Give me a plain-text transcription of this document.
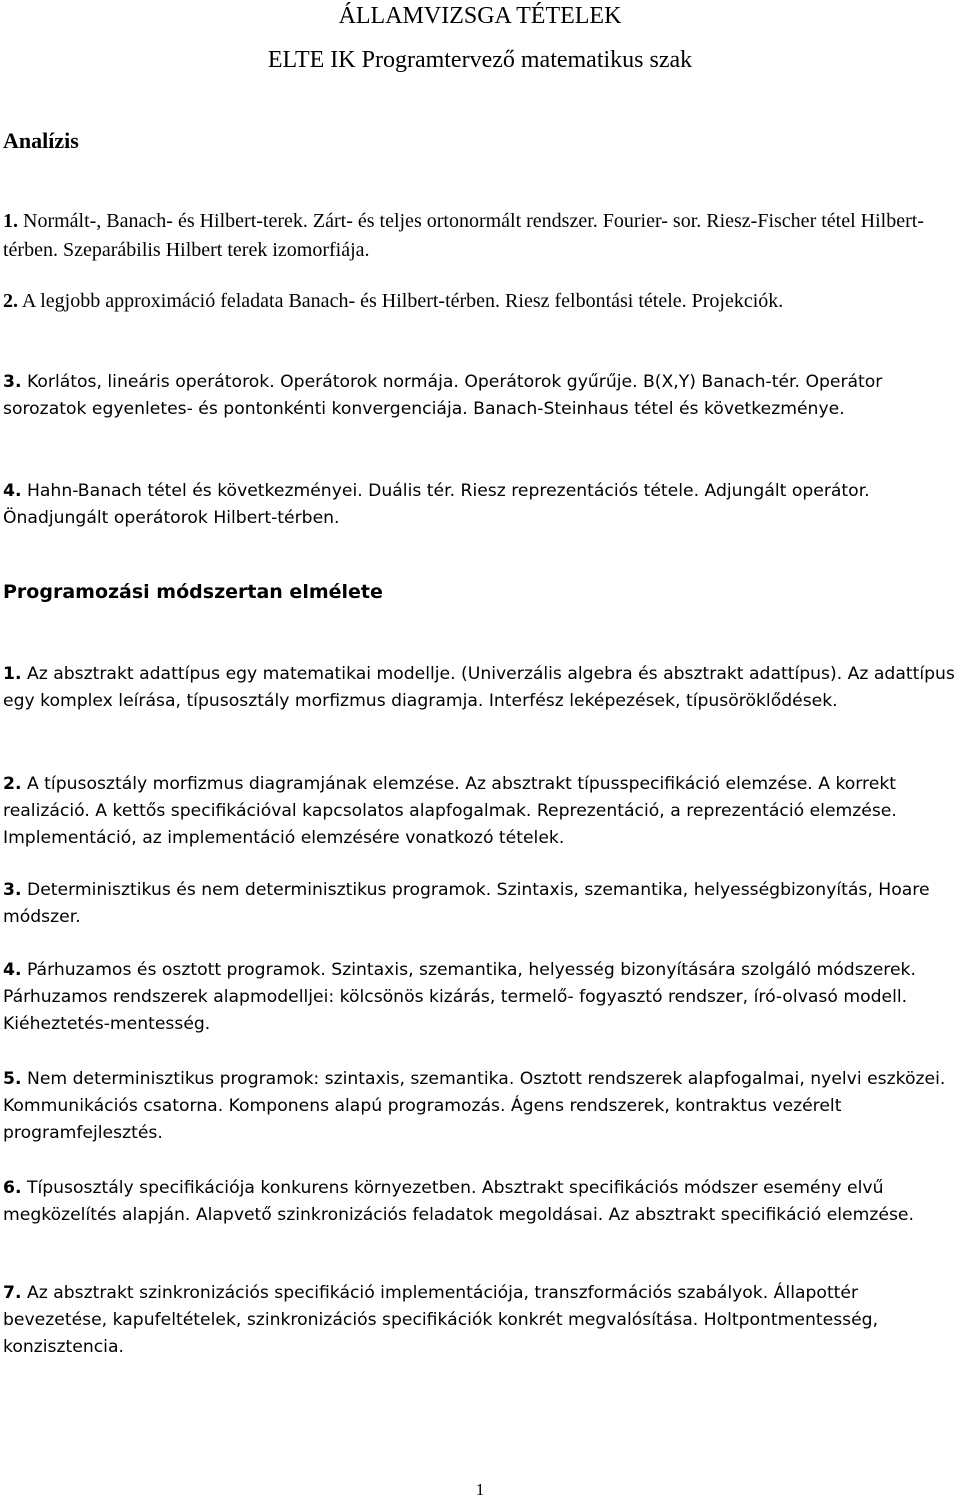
ÁLLAMVIZSGA TÉTELEK
ELTE IK Programtervező matematikus szak
Analízis

1. Normált-, Banach- és Hilbert-terek. Zárt- és teljes ortonormált rendszer. Fourier- sor. Riesz-Fischer tétel Hilbert-térben. Szeparábilis Hilbert terek izomorfiája.

2. A legjobb approximáció feladata Banach- és Hilbert-térben. Riesz felbontási tétele. Projekciók.

3. Korlátos, lineáris operátorok. Operátorok normája. Operátorok gyűrűje. B(X,Y) Banach-tér. Operátor sorozatok egyenletes- és pontonkénti konvergenciája. Banach-Steinhaus tétel és következménye.

4. Hahn-Banach tétel és következményei. Duális tér. Riesz reprezentációs tétele. Adjungált operátor. Önadjungált operátorok Hilbert-térben.

Programozási módszertan elmélete

1. Az absztrakt adattípus egy matematikai modellje. (Univerzális algebra és absztrakt adattípus). Az adattípus egy komplex leírása, típusosztály morfizmus diagramja. Interfész leképezések, típusöröklődések.

2. A típusosztály morfizmus diagramjának elemzése. Az absztrakt típusspecifikáció elemzése. A korrekt realizáció. A kettős specifikációval kapcsolatos alapfogalmak. Reprezentáció, a reprezentáció elemzése. Implementáció, az implementáció elemzésére vonatkozó tételek.

3. Determinisztikus és nem determinisztikus programok. Szintaxis, szemantika, helyességbizonyítás, Hoare módszer.

4. Párhuzamos és osztott programok. Szintaxis, szemantika, helyesség bizonyítására szolgáló módszerek. Párhuzamos rendszerek alapmodelljei: kölcsönös kizárás, termelő- fogyasztó rendszer, író-olvasó modell. Kiéheztetés-mentesség.

5. Nem determinisztikus programok: szintaxis, szemantika. Osztott rendszerek alapfogalmai, nyelvi eszközei. Kommunikációs csatorna. Komponens alapú programozás. Ágens rendszerek, kontraktus vezérelt programfejlesztés.

6. Típusosztály specifikációja konkurens környezetben. Absztrakt specifikációs módszer esemény elvű megközelítés alapján. Alapvető szinkronizációs feladatok megoldásai. Az absztrakt specifikáció elemzése.

7. Az absztrakt szinkronizációs specifikáció implementációja, transzformációs szabályok. Állapottér bevezetése, kapufeltételek, szinkronizációs specifikációk konkrét megvalósítása. Holtpontmentesség, konzisztencia.

1
